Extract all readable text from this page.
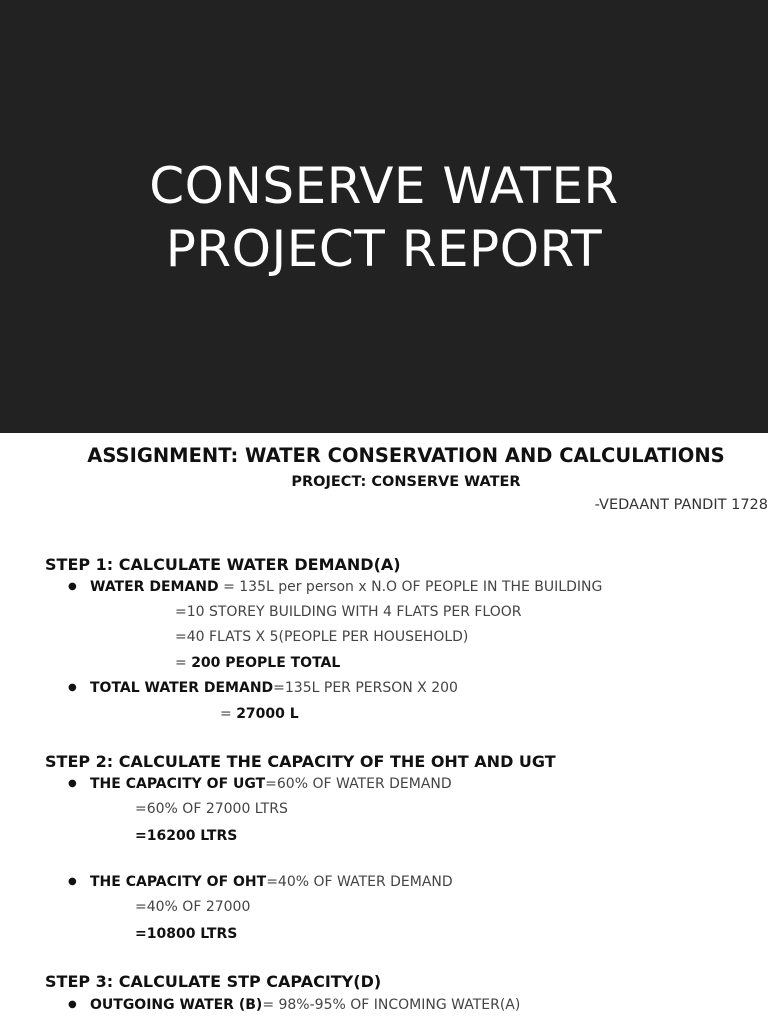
CONSERVE WATER
PROJECT REPORT
ASSIGNMENT: WATER CONSERVATION AND CALCULATIONS
PROJECT: CONSERVE WATER
-VEDAANT PANDIT 1728
STEP 1: CALCULATE WATER DEMAND(A)
● WATER DEMAND = 135L per person x N.O OF PEOPLE IN THE BUILDING
=10 STOREY BUILDING WITH 4 FLATS PER FLOOR
=40 FLATS X 5(PEOPLE PER HOUSEHOLD)
= 200 PEOPLE TOTAL
● TOTAL WATER DEMAND=135L PER PERSON X 200
= 27000 L
STEP 2: CALCULATE THE CAPACITY OF THE OHT AND UGT
● THE CAPACITY OF UGT=60% OF WATER DEMAND
=60% OF 27000 LTRS
=16200 LTRS
● THE CAPACITY OF OHT=40% OF WATER DEMAND
=40% OF 27000
=10800 LTRS
STEP 3: CALCULATE STP CAPACITY(D)
● OUTGOING WATER (B)= 98%-95% OF INCOMING WATER(A)
